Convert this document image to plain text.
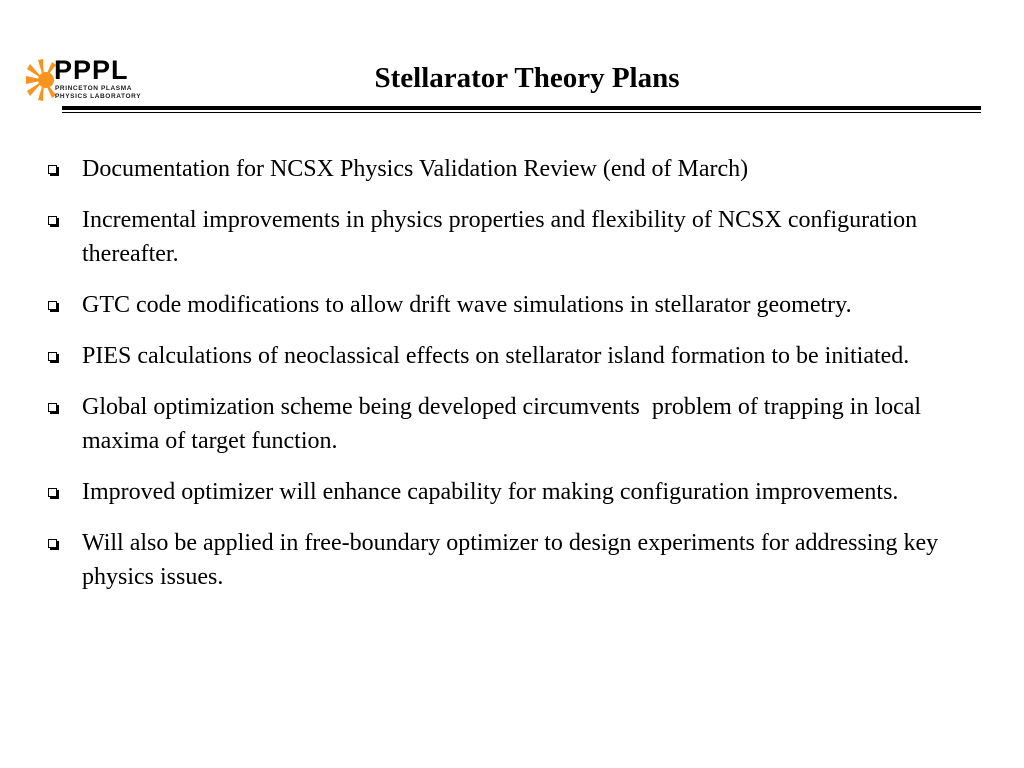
PPPL
PRINCETON PLASMA
PHYSICS LABORATORY
Stellarator Theory Plans
Documentation for NCSX Physics Validation Review (end of March)
Incremental improvements in physics properties and flexibility of NCSX configuration thereafter.
GTC code modifications to allow drift wave simulations in stellarator geometry.
PIES calculations of neoclassical effects on stellarator island formation to be initiated.
Global optimization scheme being developed circumvents  problem of trapping in local maxima of target function.
Improved optimizer will enhance capability for making configuration improvements.
Will also be applied in free-boundary optimizer to design experiments for addressing key physics issues.
